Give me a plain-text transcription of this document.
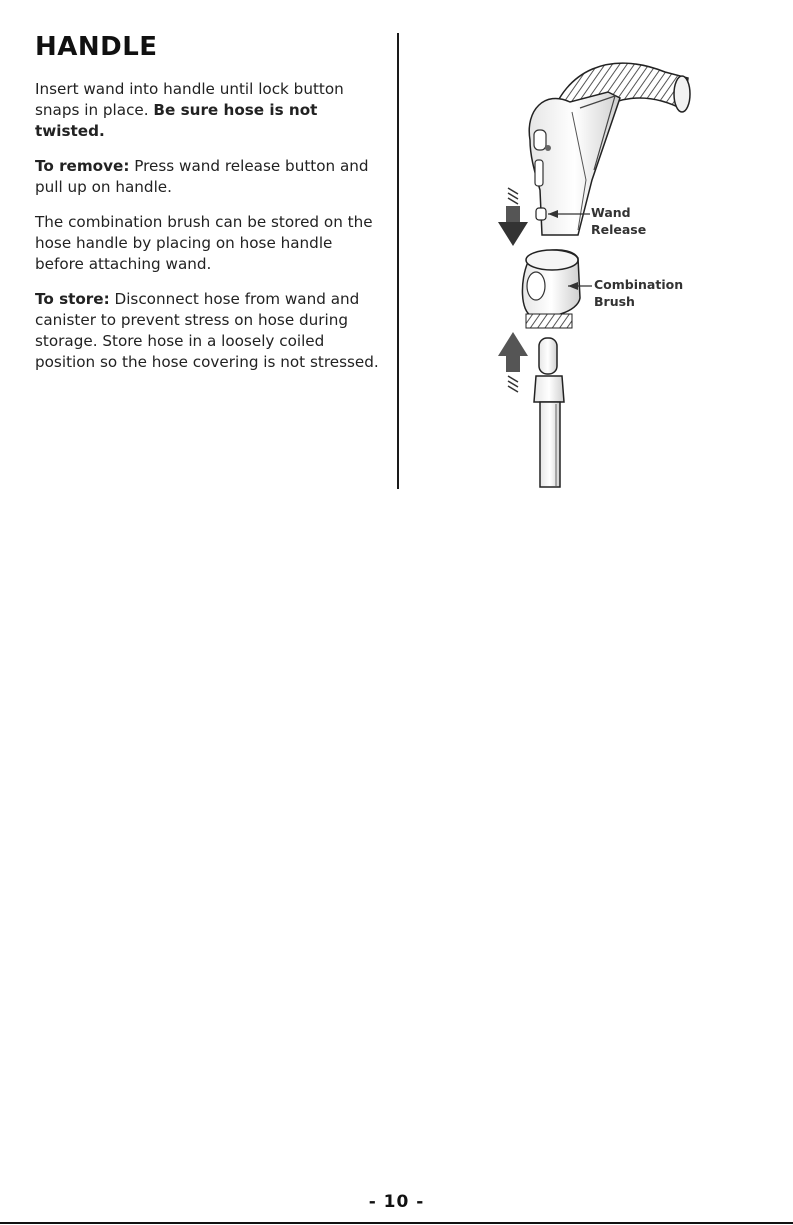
HANDLE

Insert wand into handle until lock button snaps in place. Be sure hose is not twisted.

To remove: Press wand release button and pull up on handle.

The combination brush can be stored on the hose handle by placing on hose handle before attaching wand.

To store: Disconnect hose from wand and canister to prevent stress on hose during storage. Store hose in a loosely coiled position so the hose covering is not stressed.

Wand
Release
Combination
Brush
- 10 -
